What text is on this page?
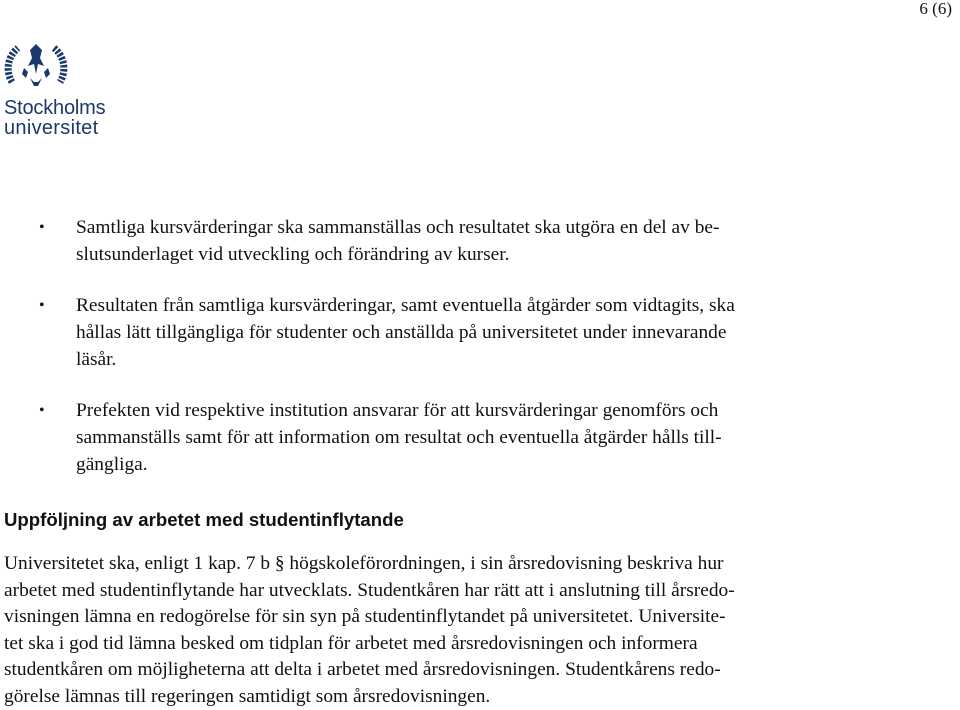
6 (6)
Stockholms
universitet
• Samtliga kursvärderingar ska sammanställas och resultatet ska utgöra en del av be-
slutsunderlaget vid utveckling och förändring av kurser.
• Resultaten från samtliga kursvärderingar, samt eventuella åtgärder som vidtagits, ska
hållas lätt tillgängliga för studenter och anställda på universitetet under innevarande
läsår.
• Prefekten vid respektive institution ansvarar för att kursvärderingar genomförs och
sammanställs samt för att information om resultat och eventuella åtgärder hålls till-
gängliga.
Uppföljning av arbetet med studentinflytande

Universitetet ska, enligt 1 kap. 7 b § högskoleförordningen, i sin årsredovisning beskriva hur
arbetet med studentinflytande har utvecklats. Studentkåren har rätt att i anslutning till årsredo-
visningen lämna en redogörelse för sin syn på studentinflytandet på universitetet. Universite-
tet ska i god tid lämna besked om tidplan för arbetet med årsredovisningen och informera
studentkåren om möjligheterna att delta i arbetet med årsredovisningen. Studentkårens redo-
görelse lämnas till regeringen samtidigt som årsredovisningen.
